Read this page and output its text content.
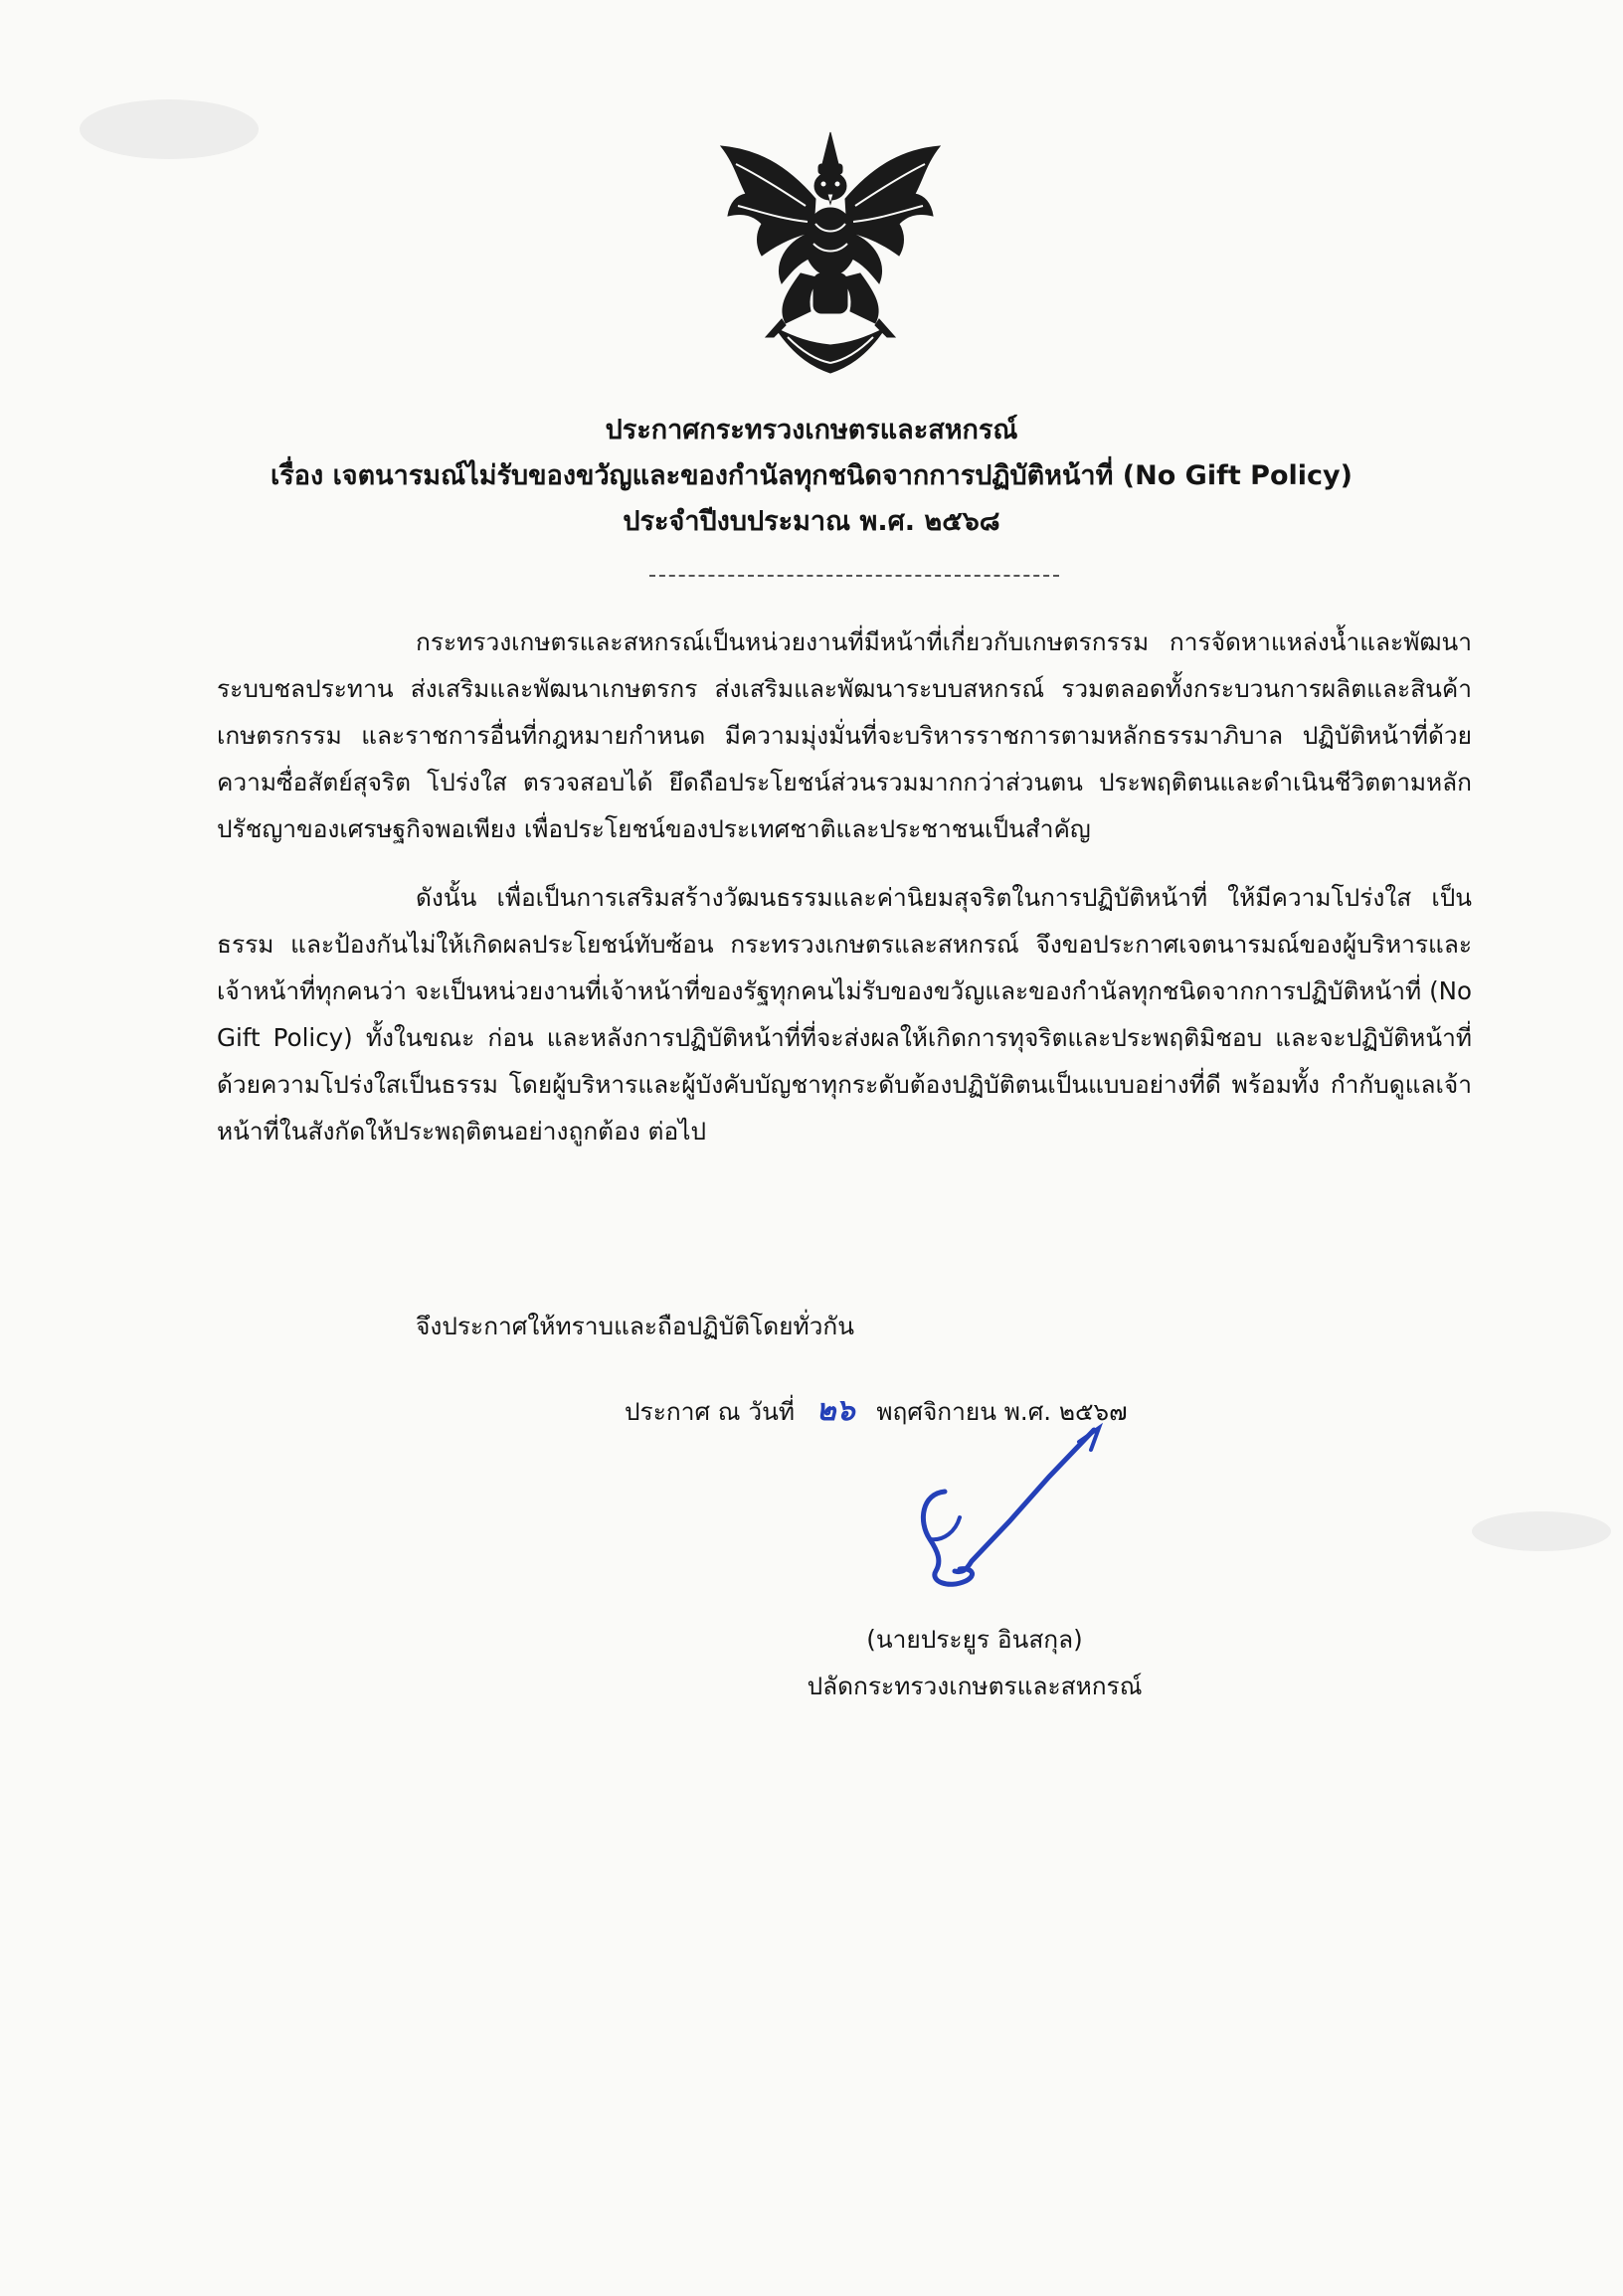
ประกาศกระทรวงเกษตรและสหกรณ์
เรื่อง เจตนารมณ์ไม่รับของขวัญและของกำนัลทุกชนิดจากการปฏิบัติหน้าที่ (No Gift Policy)
ประจำปีงบประมาณ พ.ศ. ๒๕๖๘

กระทรวงเกษตรและสหกรณ์เป็นหน่วยงานที่มีหน้าที่เกี่ยวกับเกษตรกรรม การจัดหาแหล่งน้ำและพัฒนาระบบชลประทาน ส่งเสริมและพัฒนาเกษตรกร ส่งเสริมและพัฒนาระบบสหกรณ์ รวมตลอดทั้งกระบวนการผลิตและสินค้าเกษตรกรรม และราชการอื่นที่กฎหมายกำหนด มีความมุ่งมั่นที่จะบริหารราชการตามหลักธรรมาภิบาล ปฏิบัติหน้าที่ด้วยความซื่อสัตย์สุจริต โปร่งใส ตรวจสอบได้ ยึดถือประโยชน์ส่วนรวมมากกว่าส่วนตน ประพฤติตนและดำเนินชีวิตตามหลักปรัชญาของเศรษฐกิจพอเพียง เพื่อประโยชน์ของประเทศชาติและประชาชนเป็นสำคัญ

ดังนั้น เพื่อเป็นการเสริมสร้างวัฒนธรรมและค่านิยมสุจริตในการปฏิบัติหน้าที่ ให้มีความโปร่งใส เป็นธรรม และป้องกันไม่ให้เกิดผลประโยชน์ทับซ้อน กระทรวงเกษตรและสหกรณ์ จึงขอประกาศเจตนารมณ์ของผู้บริหารและเจ้าหน้าที่ทุกคนว่า จะเป็นหน่วยงานที่เจ้าหน้าที่ของรัฐทุกคนไม่รับของขวัญและของกำนัลทุกชนิดจากการปฏิบัติหน้าที่ (No Gift Policy) ทั้งในขณะ ก่อน และหลังการปฏิบัติหน้าที่ที่จะส่งผลให้เกิดการทุจริตและประพฤติมิชอบ และจะปฏิบัติหน้าที่ด้วยความโปร่งใสเป็นธรรม โดยผู้บริหารและผู้บังคับบัญชาทุกระดับต้องปฏิบัติตนเป็นแบบอย่างที่ดี พร้อมทั้ง กำกับดูแลเจ้าหน้าที่ในสังกัดให้ประพฤติตนอย่างถูกต้อง ต่อไป

จึงประกาศให้ทราบและถือปฏิบัติโดยทั่วกัน
ประกาศ ณ วันที่ ๒๖ พฤศจิกายน พ.ศ. ๒๕๖๗
(นายประยูร อินสกุล)
ปลัดกระทรวงเกษตรและสหกรณ์
